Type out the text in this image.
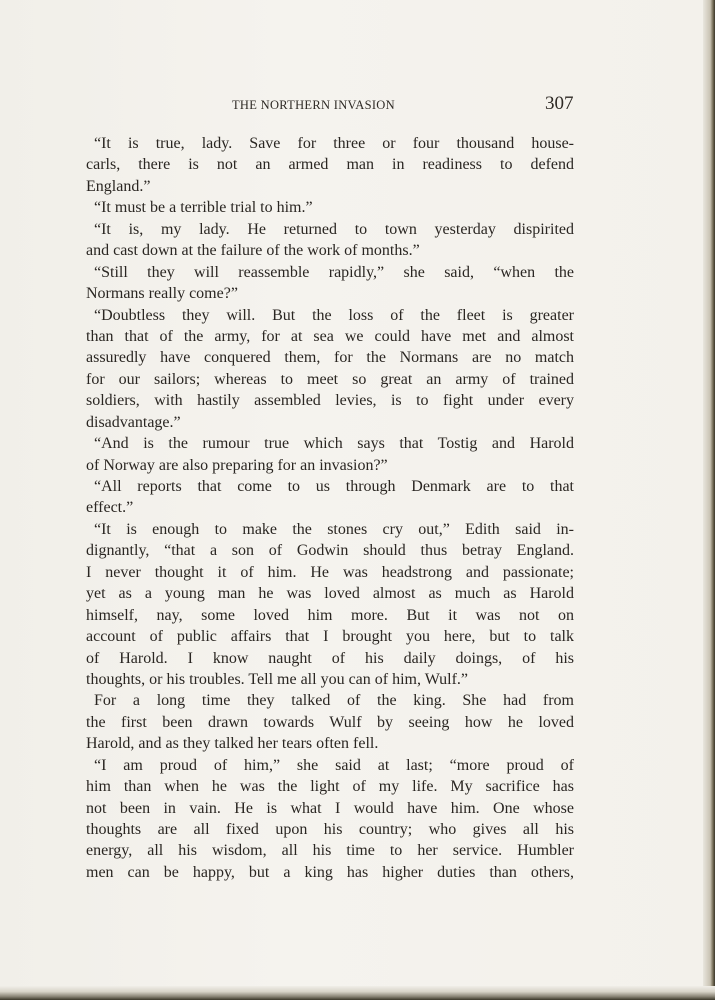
THE NORTHERN INVASION	307
“It is true, lady. Save for three or four thousand house-
carls, there is not an armed man in readiness to defend
England.”
“It must be a terrible trial to him.”
“It is, my lady. He returned to town yesterday dispirited
and cast down at the failure of the work of months.”
“Still they will reassemble rapidly,” she said, “when the
Normans really come?”
“Doubtless they will. But the loss of the fleet is greater
than that of the army, for at sea we could have met and almost
assuredly have conquered them, for the Normans are no match
for our sailors; whereas to meet so great an army of trained
soldiers, with hastily assembled levies, is to fight under every
disadvantage.”
“And is the rumour true which says that Tostig and Harold
of Norway are also preparing for an invasion?”
“All reports that come to us through Denmark are to that
effect.”
“It is enough to make the stones cry out,” Edith said in-
dignantly, “that a son of Godwin should thus betray England.
I never thought it of him. He was headstrong and passionate;
yet as a young man he was loved almost as much as Harold
himself, nay, some loved him more. But it was not on
account of public affairs that I brought you here, but to talk
of Harold. I know naught of his daily doings, of his
thoughts, or his troubles. Tell me all you can of him, Wulf.”
For a long time they talked of the king. She had from
the first been drawn towards Wulf by seeing how he loved
Harold, and as they talked her tears often fell.
“I am proud of him,” she said at last; “more proud of
him than when he was the light of my life. My sacrifice has
not been in vain. He is what I would have him. One whose
thoughts are all fixed upon his country; who gives all his
energy, all his wisdom, all his time to her service. Humbler
men can be happy, but a king has higher duties than others,
